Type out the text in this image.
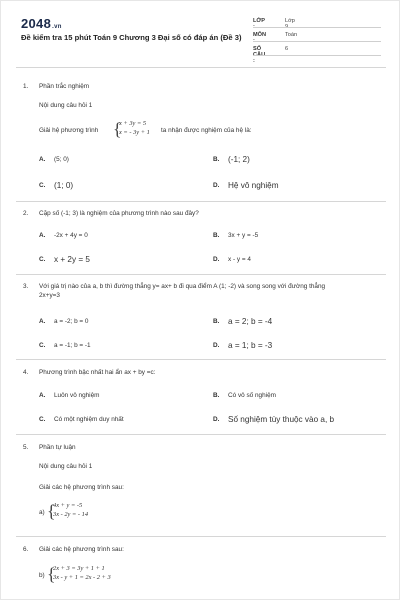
2048.vn
Đề kiểm tra 15 phút Toán 9 Chương 3 Đại số có đáp án (Đề 3)
LỚP :
Lớp 9
MÔN :
Toán
SỐ CÂU :
6
1. Phần trắc nghiệm
Nội dung câu hỏi 1
Giải hệ phương trình {
x + 3y = 5
x = - 3y + 1 ta nhận được nghiệm của hệ là:
A. (5; 0)	B. (-1; 2)
C. (1; 0)	D. Hệ vô nghiệm
2. Cặp số (-1; 3) là nghiệm của phương trình nào sau đây?
A. -2x + 4y = 0	B. 3x + y = -5
C. x + 2y = 5	D. x - y = 4
3. Với giá trị nào của a, b thì đường thẳng y= ax+ b đi qua điểm A (1; -2) và song song với đường thẳng 2x+y=3
A. a = -2; b = 0	B. a = 2; b = -4
C. a = -1; b = -1	D. a = 1; b = -3
4. Phương trình bậc nhất hai ẩn ax + by =c:
A. Luôn vô nghiệm	B. Có vô số nghiệm
C. Có một nghiệm duy nhất	D. Số nghiệm tùy thuộc vào a, b
5. Phần tự luận
Nội dung câu hỏi 1
Giải các hệ phương trình sau:
a) {
4x + y = -5
3x - 2y = - 14
6. Giải các hệ phương trình sau:
b) {
2x + 3 = 3y + 1 + 1
3x - y + 1 = 2x - 2 + 3
